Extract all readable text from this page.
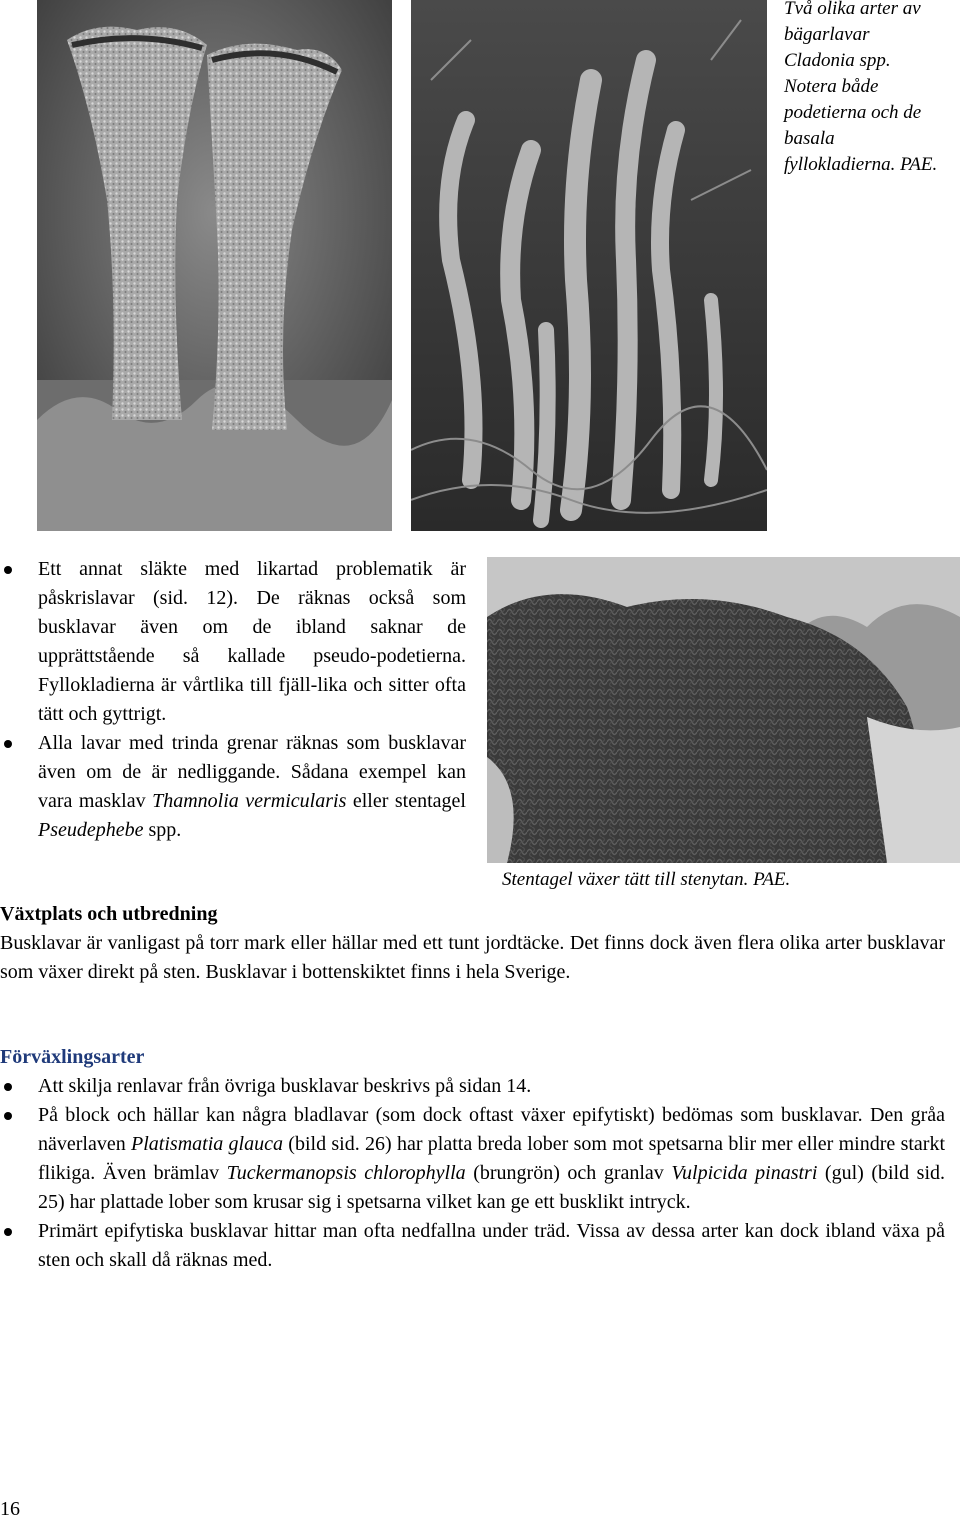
Två olika arter av bägarlavar Cladonia spp. Notera både podetierna och de basala fyllokladierna. PAE.
Ett annat släkte med likartad problematik är påskrislavar (sid. 12). De räknas också som busklavar även om de ibland saknar de upprättstående så kallade pseudo-podetierna. Fyllokladierna är vårtlika till fjäll-lika och sitter ofta tätt och gyttrigt.
Alla lavar med trinda grenar räknas som busklavar även om de är nedliggande. Sådana exempel kan vara masklav Thamnolia vermicularis eller stentagel Pseudephebe spp.
Stentagel växer tätt till stenytan. PAE.
Växtplats och utbredning
Busklavar är vanligast på torr mark eller hällar med ett tunt jordtäcke. Det finns dock även flera olika arter busklavar som växer direkt på sten. Busklavar i bottenskiktet finns i hela Sverige.
Förväxlingsarter
Att skilja renlavar från övriga busklavar beskrivs på sidan 14.
På block och hällar kan några bladlavar (som dock oftast växer epifytiskt) bedömas som busklavar. Den gråa näverlaven Platismatia glauca (bild sid. 26) har platta breda lober som mot spetsarna blir mer eller mindre starkt flikiga. Även brämlav Tuckermanopsis chlorophylla (brungrön) och granlav Vulpicida pinastri (gul) (bild sid. 25) har plattade lober som krusar sig i spetsarna vilket kan ge ett busklikt intryck.
Primärt epifytiska busklavar hittar man ofta nedfallna under träd. Vissa av dessa arter kan dock ibland växa på sten och skall då räknas med.
16
